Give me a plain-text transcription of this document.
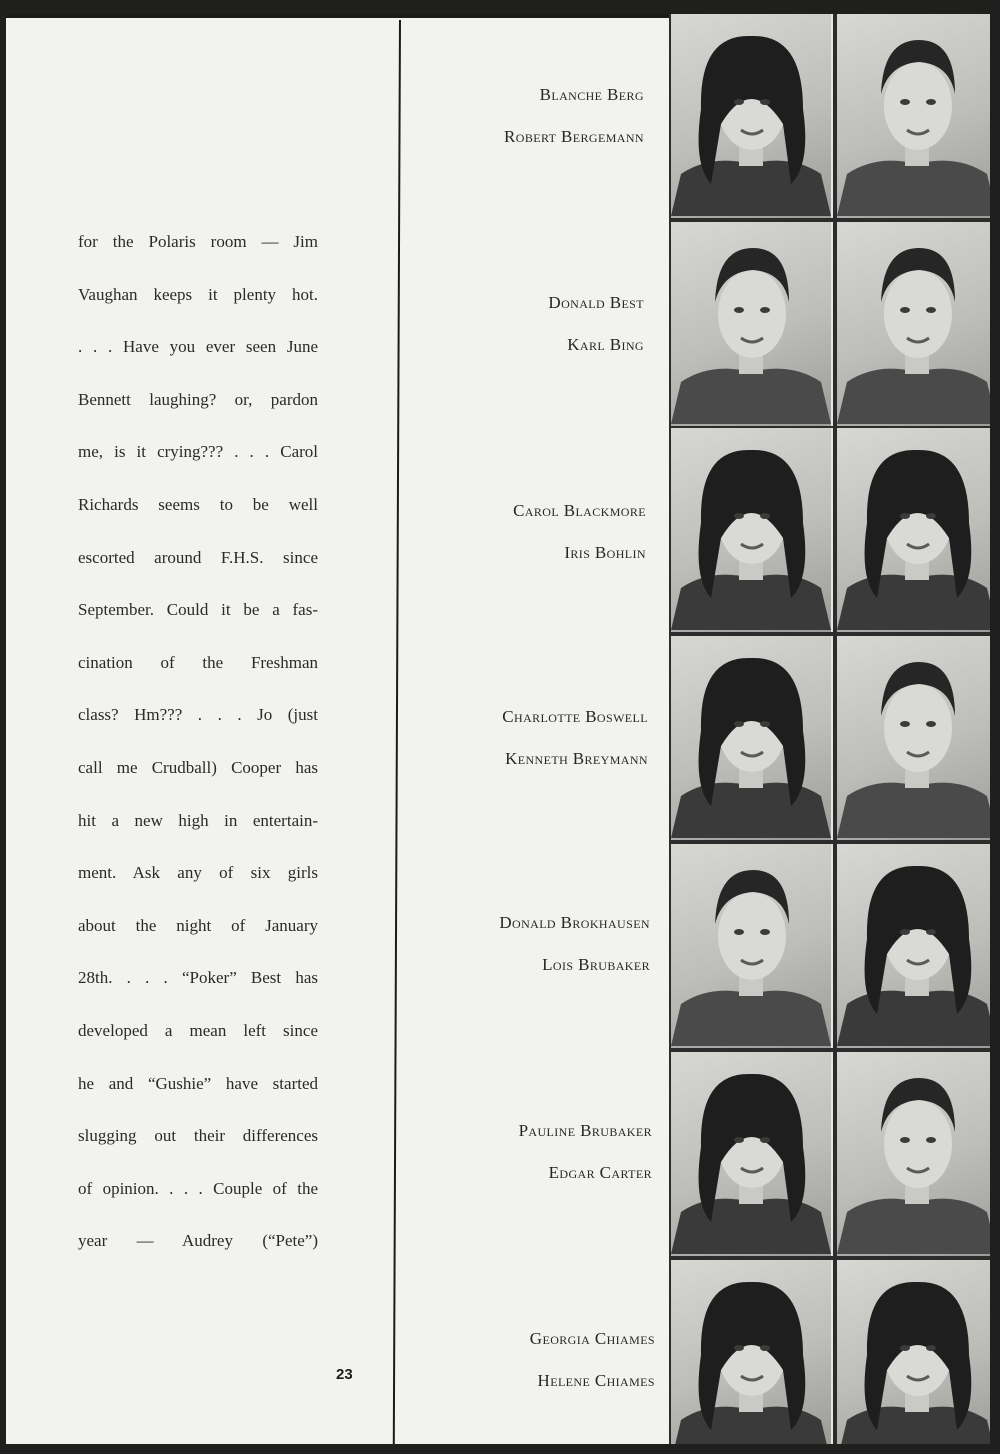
for the Polaris room — Jim
Vaughan keeps it plenty hot.
. . . Have you ever seen June
Bennett laughing? or, pardon
me, is it crying??? . . . Carol
Richards seems to be well
escorted around F.H.S. since
September. Could it be a fas-
cination of the Freshman
class? Hm??? . . . Jo (just
call me Crudball) Cooper has
hit a new high in entertain-
ment. Ask any of six girls
about the night of January
28th. . . . “Poker” Best has
developed a mean left since
he and “Gushie” have started
slugging out their differences
of opinion. . . . Couple of the
year — Audrey (“Pete”)
23
Blanche Berg
Robert Bergemann
Donald Best
Karl Bing
Carol Blackmore
Iris Bohlin
Charlotte Boswell
Kenneth Breymann
Donald Brokhausen
Lois Brubaker
Pauline Brubaker
Edgar Carter
Georgia Chiames
Helene Chiames
